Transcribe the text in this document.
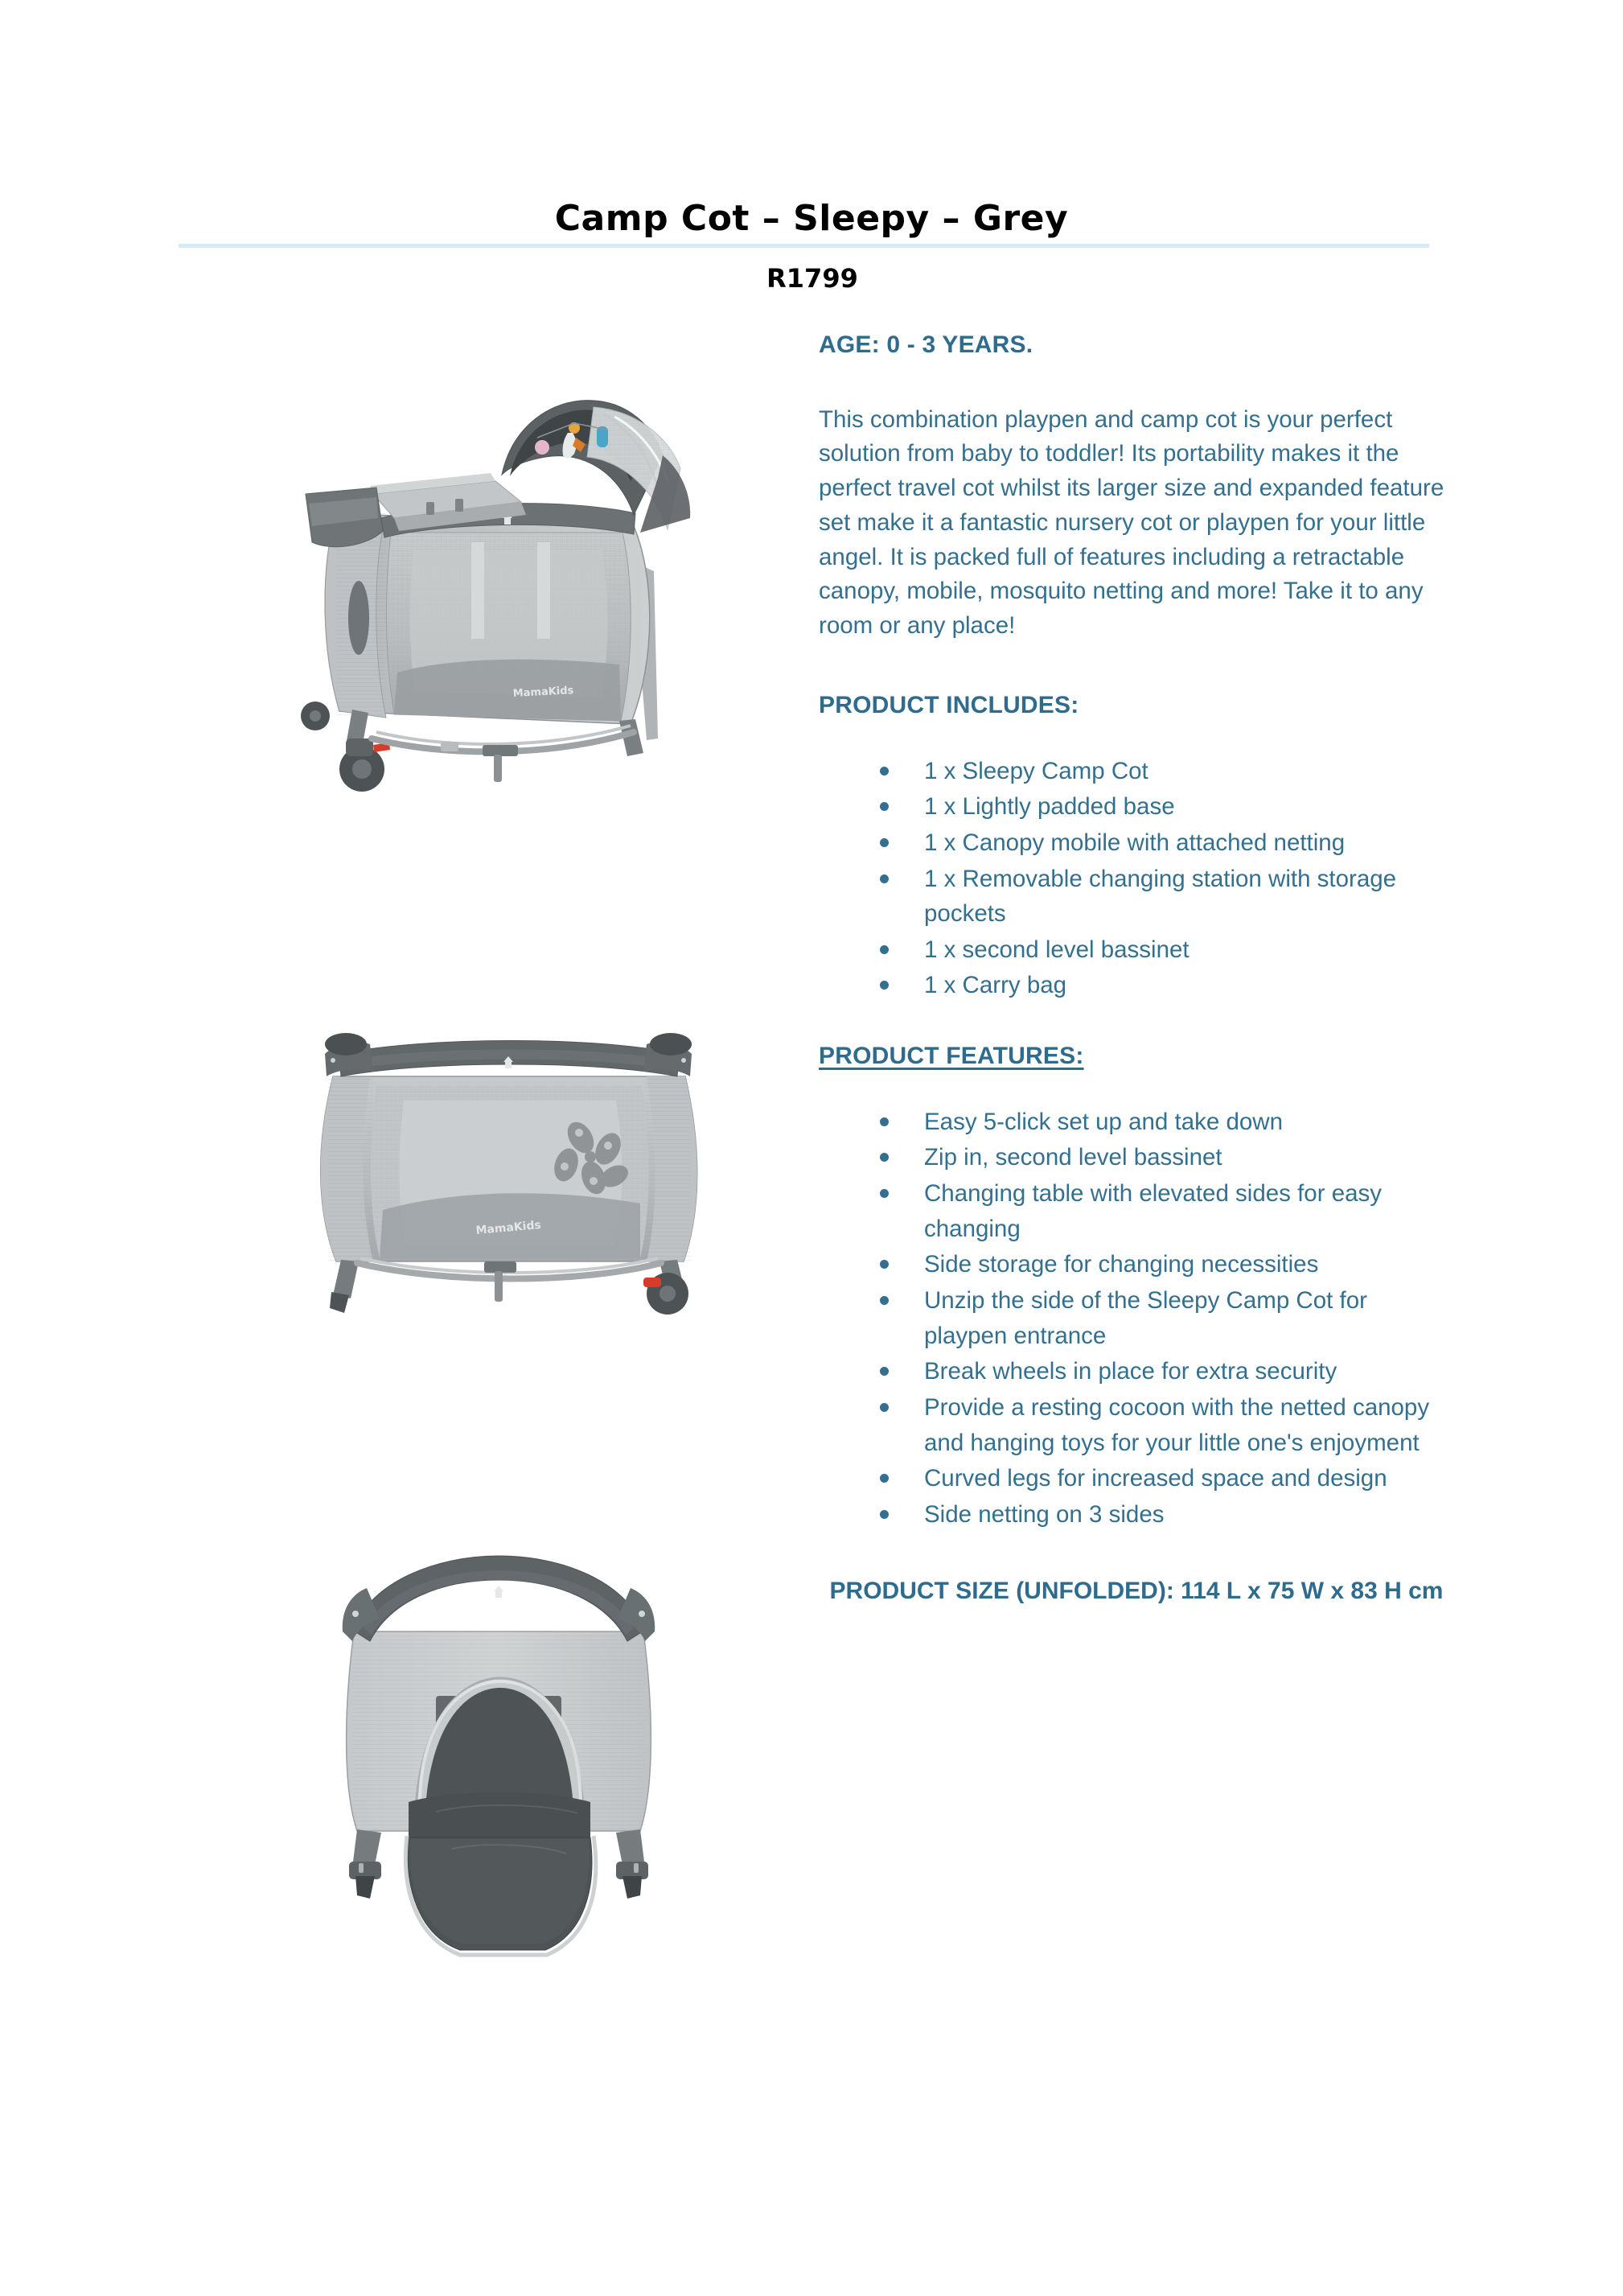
Camp Cot – Sleepy – Grey
R1799
MamaKids
MamaKids
AGE: 0 - 3 YEARS.
This combination playpen and camp cot is your perfect solution from baby to toddler! Its portability makes it the perfect travel cot whilst its larger size and expanded feature set make it a fantastic nursery cot or playpen for your little angel. It is packed full of features including a retractable canopy, mobile, mosquito netting and more! Take it to any room or any place!
PRODUCT INCLUDES:
1 x Sleepy Camp Cot
1 x Lightly padded base
1 x Canopy mobile with attached netting
1 x Removable changing station with storage pockets
1 x second level bassinet
1 x Carry bag
PRODUCT FEATURES:
Easy 5-click set up and take down
Zip in, second level bassinet
Changing table with elevated sides for easy changing
Side storage for changing necessities
Unzip the side of the Sleepy Camp Cot for playpen entrance
Break wheels in place for extra security
Provide a resting cocoon with the netted canopy and hanging toys for your little one's enjoyment
Curved legs for increased space and design
Side netting on 3 sides
PRODUCT SIZE (UNFOLDED): 114 L x 75 W x 83 H cm
